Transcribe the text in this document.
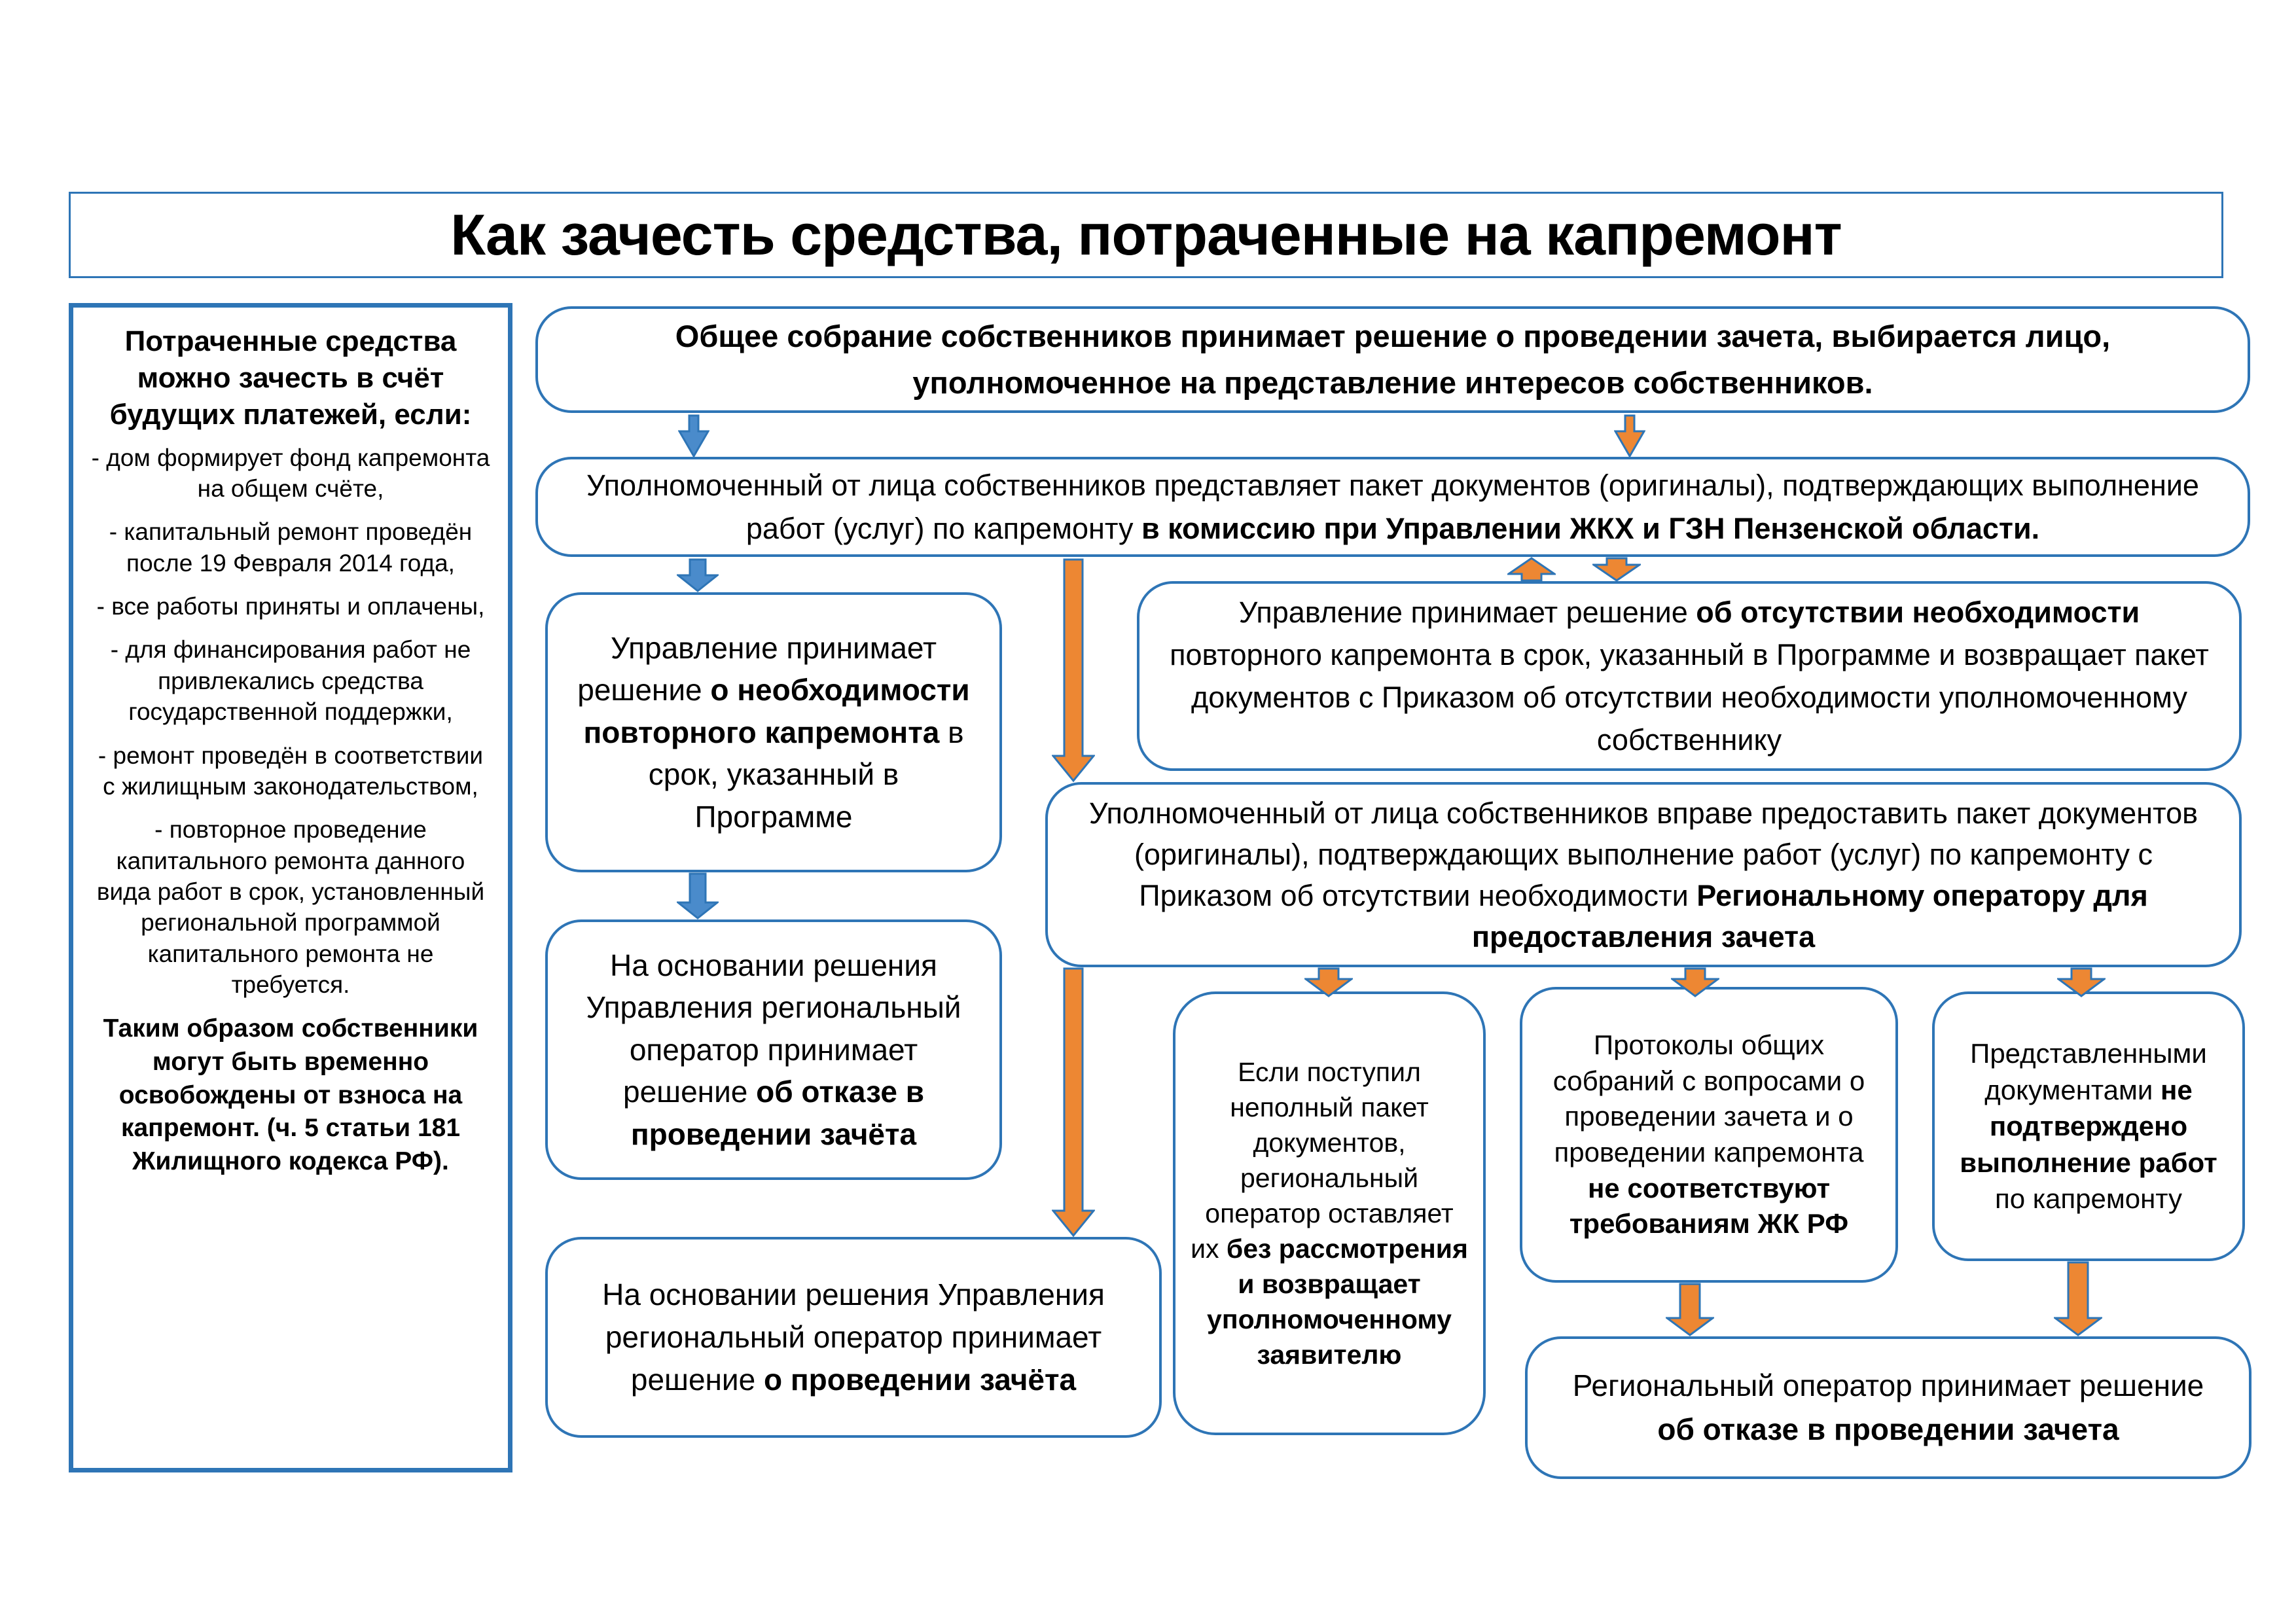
Как зачесть средства, потраченные на капремонт
Потраченные средства можно зачесть в счёт будущих платежей, если:
- дом формирует фонд капремонта на общем счёте,
- капитальный ремонт проведён после 19 Февраля 2014 года,
- все работы приняты и оплачены,
- для финансирования работ не привлекались средства государственной поддержки,
- ремонт проведён в соответствии с жилищным законодательством,
- повторное проведение капитального ремонта данного вида работ в срок, установленный региональной программой капитального ремонта не требуется.
Таким образом собственники могут быть временно освобождены от взноса на капремонт. (ч. 5 статьи 181 Жилищного кодекса РФ).
Общее собрание собственников принимает решение о проведении зачета, выбирается лицо, уполномоченное на представление интересов собственников.
Уполномоченный от лица собственников представляет пакет документов (оригиналы), подтверждающих выполнение работ (услуг) по капремонту в комиссию при Управлении ЖКХ и ГЗН Пензенской области.
Управление принимает решение о необходимости повторного капремонта в срок, указанный в Программе
Управление принимает решение об отсутствии необходимости повторного капремонта в срок, указанный в Программе и возвращает пакет документов с Приказом об отсутствии необходимости уполномоченному собственнику
Уполномоченный от лица собственников вправе предоставить пакет документов (оригиналы), подтверждающих выполнение работ (услуг) по капремонту с Приказом об отсутствии необходимости Региональному оператору для предоставления зачета
На основании решения Управления региональный оператор принимает решение об отказе в проведении зачёта
На основании решения Управления региональный оператор принимает решение о проведении зачёта
Если поступил неполный пакет документов, региональный оператор оставляет их без рассмотрения и возвращает уполномоченному заявителю
Протоколы общих собраний с вопросами о проведении зачета и о проведении капремонта не соответствуют требованиям ЖК РФ
Представленными документами не подтверждено выполнение работ по капремонту
Региональный оператор принимает решение об отказе в проведении зачета
